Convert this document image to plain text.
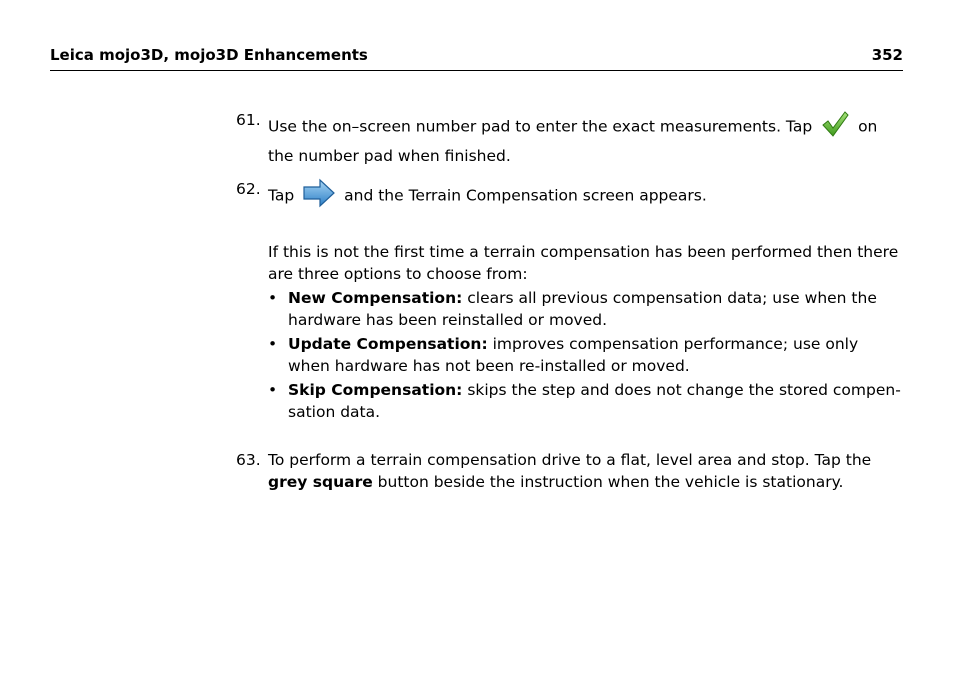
Leica mojo3D, mojo3D Enhancements	352
61. Use the on–screen number pad to enter the exact measurements. Tap	on
the number pad when finished.
62. Tap	and the Terrain Compensation screen appears.
If this is not the first time a terrain compensation has been performed then there are three options to choose from:
• New Compensation: clears all previous compensation data; use when the hardware has been reinstalled or moved.
• Update Compensation: improves compensation performance; use only when hardware has not been re-installed or moved.
• Skip Compensation: skips the step and does not change the stored compen-sation data.
63. To perform a terrain compensation drive to a flat, level area and stop. Tap the grey square button beside the instruction when the vehicle is stationary.
